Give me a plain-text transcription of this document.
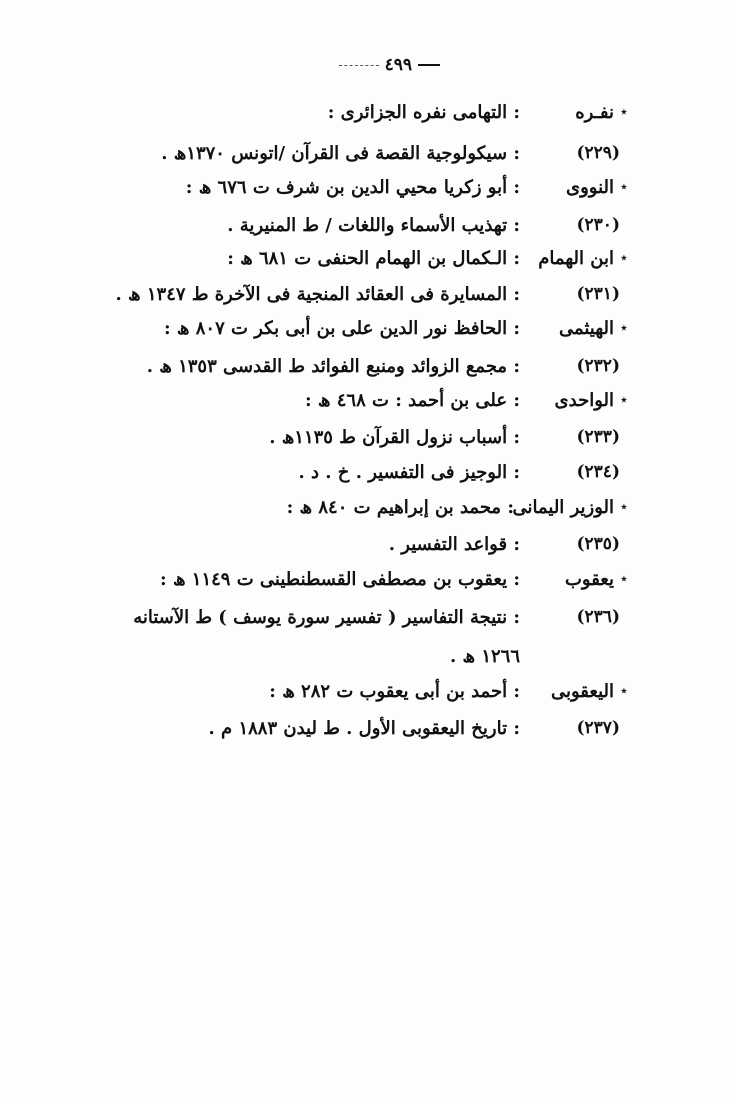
٤٩٩
٭
نفـره
: التهامى نفره الجزائرى :
(٢٢٩)
: سيكولوجية القصة فى القرآن /اتونس ١٣٧٠ھ .
٭
النووى
: أبو زكريا محيي الدين بن شرف ت ٦٧٦ ھ :
(٢٣٠)
: تهذيب الأسماء واللغات / ط المنيرية .
٭
ابن الهمام
: الـكمال بن الهمام الحنفى ت ٦٨١ ھ :
(٢٣١)
: المسايرة فى العقائد المنجية فى الآخرة ط ١٣٤٧ ھ .
٭
الهيثمى
: الحافظ نور الدين على بن أبى بكر ت ٨٠٧ ھ :
(٢٣٢)
: مجمع الزوائد ومنبع الفوائد ط القدسى ١٣٥٣ ھ .
٭
الواحدى
: على بن أحمد : ت ٤٦٨ ھ :
(٢٣٣)
: أسباب نزول القرآن ط ١١٣٥ھ .
(٢٣٤)
: الوجيز فى التفسير . خ . د .
٭
الوزير اليمانى
: محمد بن إبراهيم ت ٨٤٠ ھ :
(٢٣٥)
: قواعد التفسير .
٭
يعقوب
: يعقوب بن مصطفى القسطنطينى ت ١١٤٩ ھ :
(٢٣٦)
: نتيجة التفاسير ( تفسير سورة يوسف ) ط الآستانه
١٢٦٦ ھ .
٭
اليعقوبى
: أحمد بن أبى يعقوب ت ٢٨٢ ھ :
(٢٣٧)
: تاريخ اليعقوبى الأول . ط ليدن ١٨٨٣ م .
